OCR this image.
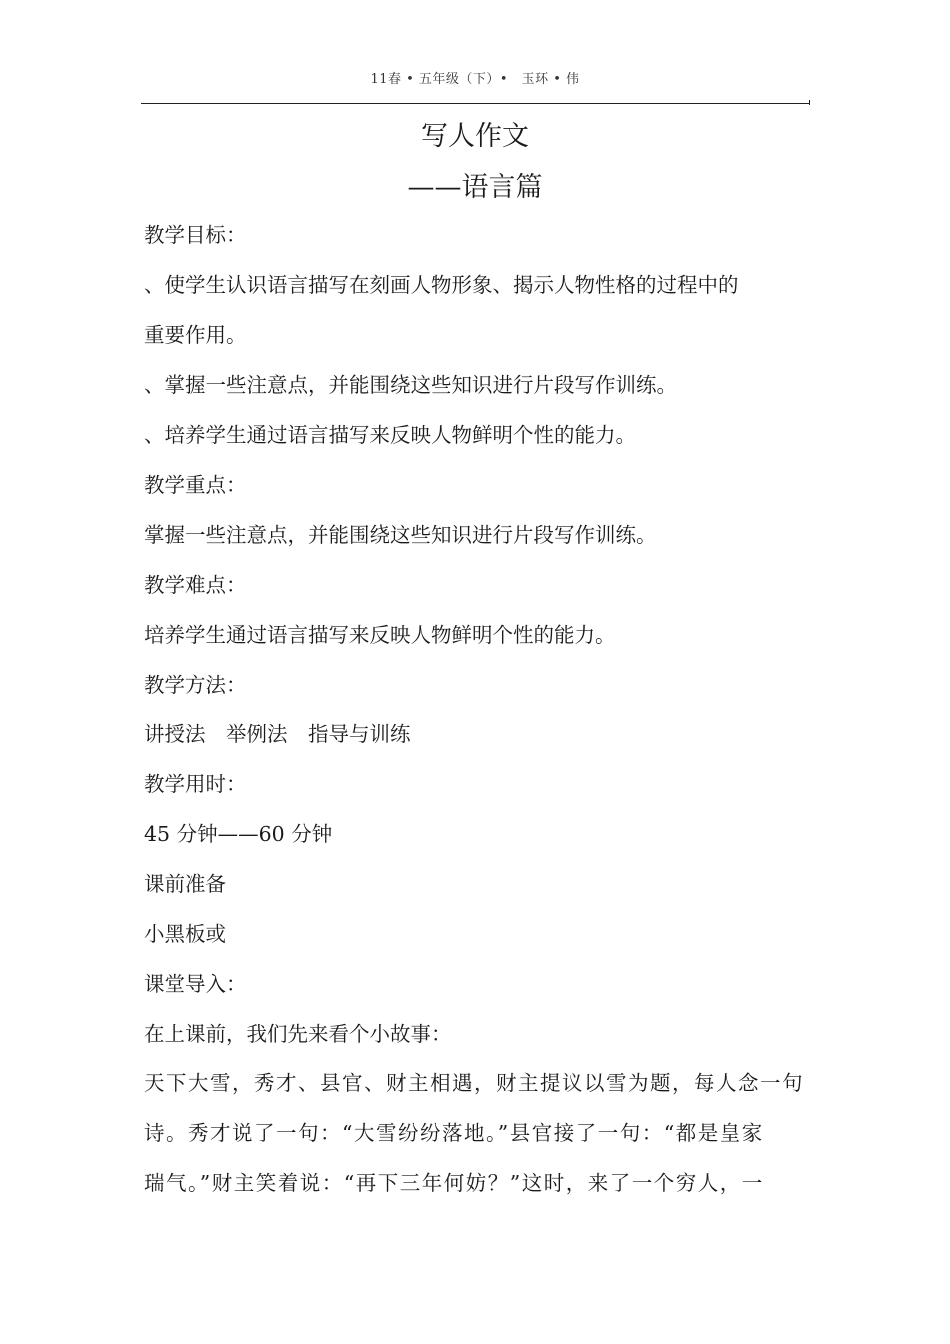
11春 • 五年级（下）•　玉环 • 伟
写人作文
——语言篇
教学目标：
、使学生认识语言描写在刻画人物形象、揭示人物性格的过程中的
重要作用。
、掌握一些注意点，并能围绕这些知识进行片段写作训练。
、培养学生通过语言描写来反映人物鲜明个性的能力。
教学重点：
掌握一些注意点，并能围绕这些知识进行片段写作训练。
教学难点：
培养学生通过语言描写来反映人物鲜明个性的能力。
教学方法：
讲授法　举例法　指导与训练
教学用时：
45 分钟——60 分钟
课前准备
小黑板或
课堂导入：
在上课前，我们先来看个小故事：
天下大雪，秀才、县官、财主相遇，财主提议以雪为题，每人念一句
诗。秀才说了一句：“大雪纷纷落地。”县官接了一句：“都是皇家
瑞气。”财主笑着说：“再下三年何妨？”这时，来了一个穷人，一
